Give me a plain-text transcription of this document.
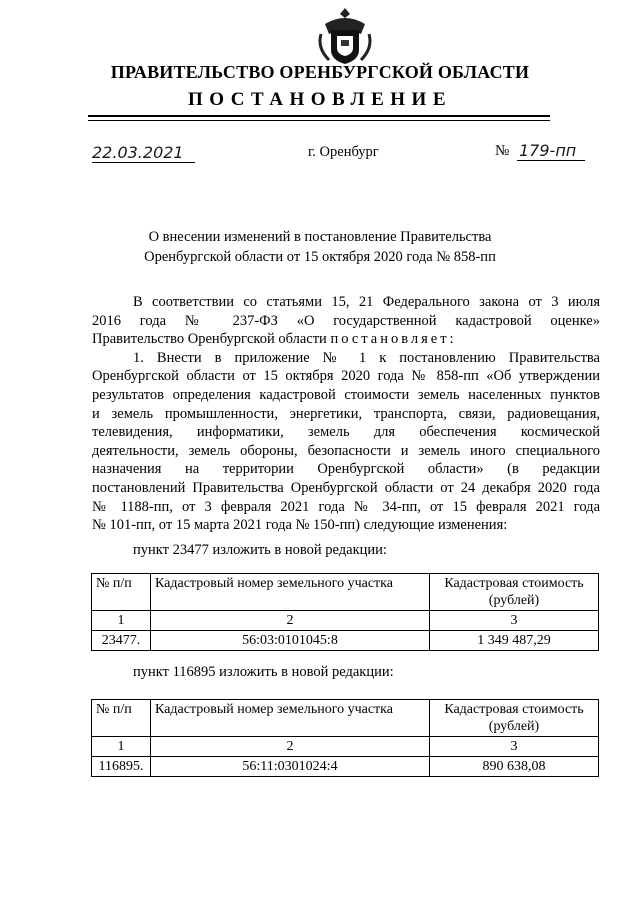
ПРАВИТЕЛЬСТВО ОРЕНБУРГСКОЙ ОБЛАСТИ
ПОСТАНОВЛЕНИЕ
22.03.2021	г. Оренбург	№ 179-пп
О внесении изменений в постановление Правительства
Оренбургской области от 15 октября 2020 года № 858-пп
В соответствии со статьями 15, 21 Федерального закона от 3 июля
2016 года № 237-ФЗ «О государственной кадастровой оценке»
Правительство Оренбургской области постановляет:
1. Внести в приложение № 1 к постановлению Правительства
Оренбургской области от 15 октября 2020 года № 858-пп «Об утверждении
результатов определения кадастровой стоимости земель населенных пунктов
и земель промышленности, энергетики, транспорта, связи, радиовещания,
телевидения, информатики, земель для обеспечения космической
деятельности, земель обороны, безопасности и земель иного специального
назначения на территории Оренбургской области» (в редакции
постановлений Правительства Оренбургской области от 24 декабря 2020 года
№ 1188-пп, от 3 февраля 2021 года № 34-пп, от 15 февраля 2021 года
№ 101-пп, от 15 марта 2021 года № 150-пп) следующие изменения:
пункт 23477 изложить в новой редакции:
№ п/п	Кадастровый номер земельного участка	Кадастровая стоимость (рублей)
1	2	3
23477.	56:03:0101045:8	1 349 487,29
пункт 116895 изложить в новой редакции:
№ п/п	Кадастровый номер земельного участка	Кадастровая стоимость (рублей)
1	2	3
116895.	56:11:0301024:4	890 638,08
